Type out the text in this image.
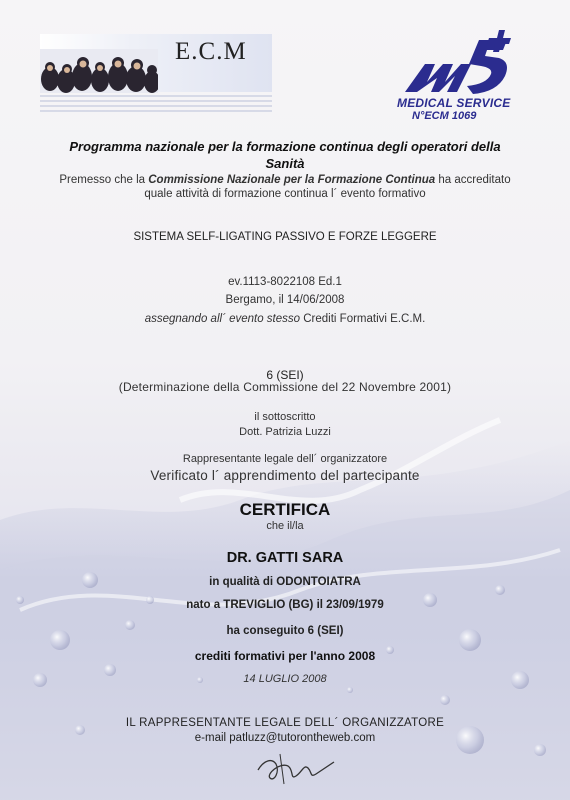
E.C.M
MEDICAL SERVICE
N°ECM 1069
Programma nazionale per la formazione continua degli operatori della
Sanità
Premesso che la Commissione Nazionale per la Formazione Continua ha accreditato
quale attività di formazione continua l´ evento formativo
SISTEMA SELF-LIGATING PASSIVO E FORZE LEGGERE
ev.1113-8022108 Ed.1
Bergamo, il 14/06/2008
assegnando all´ evento stesso Crediti Formativi E.C.M.
6 (SEI)
(Determinazione della Commissione del 22 Novembre 2001)
il sottoscritto
Dott. Patrizia Luzzi
Rappresentante legale dell´ organizzatore
Verificato l´ apprendimento del partecipante
CERTIFICA
che il/la
DR. GATTI SARA
in qualità di ODONTOIATRA
nato a TREVIGLIO (BG) il 23/09/1979
ha conseguito 6 (SEI)
crediti formativi per l'anno 2008
14 LUGLIO 2008
IL RAPPRESENTANTE LEGALE DELL´ ORGANIZZATORE
e-mail patluzz@tutorontheweb.com
